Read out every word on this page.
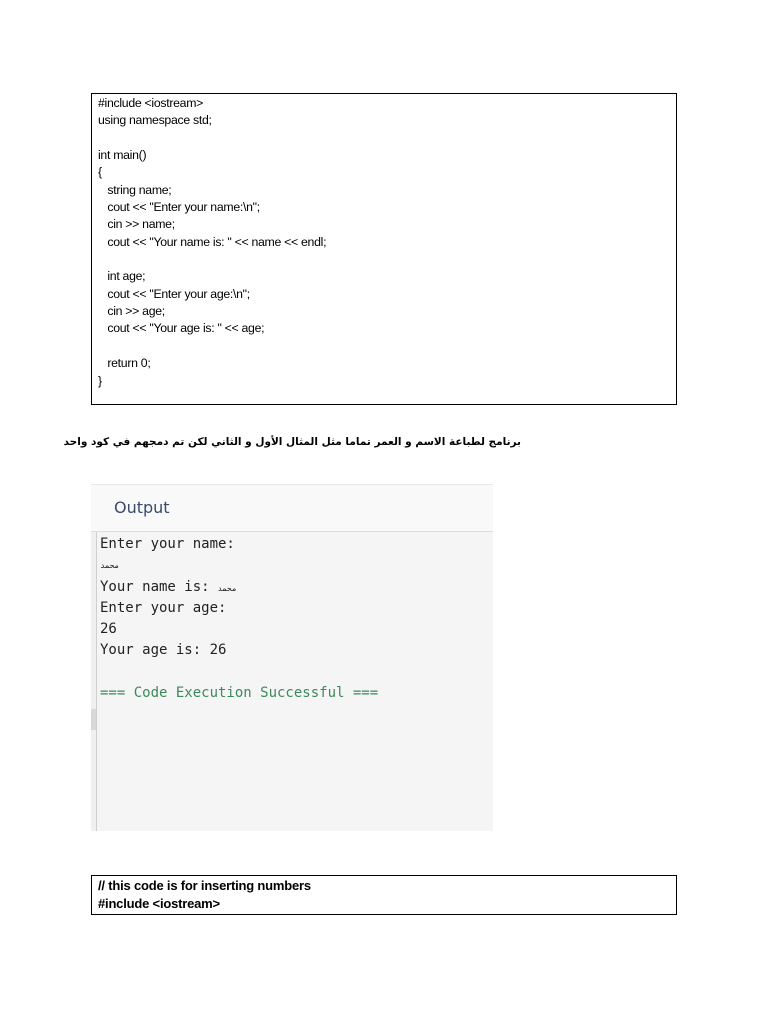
#include <iostream>
using namespace std;
int main()
{
string name;
cout << "Enter your name:\n";
cin >> name;
cout << "Your name is: " << name << endl;
int age;
cout << "Enter your age:\n";
cin >> age;
cout << "Your age is: " << age;
return 0;
}
برنامج لطباعة الاسم و العمر تماما مثل المثال الأول و الثاني لكن تم دمجهم في كود واحد
Output
Enter your name:
محمد
Your name is: محمد
Enter your age:
26
Your age is: 26
=== Code Execution Successful ===
// this code is for inserting numbers
#include <iostream>
